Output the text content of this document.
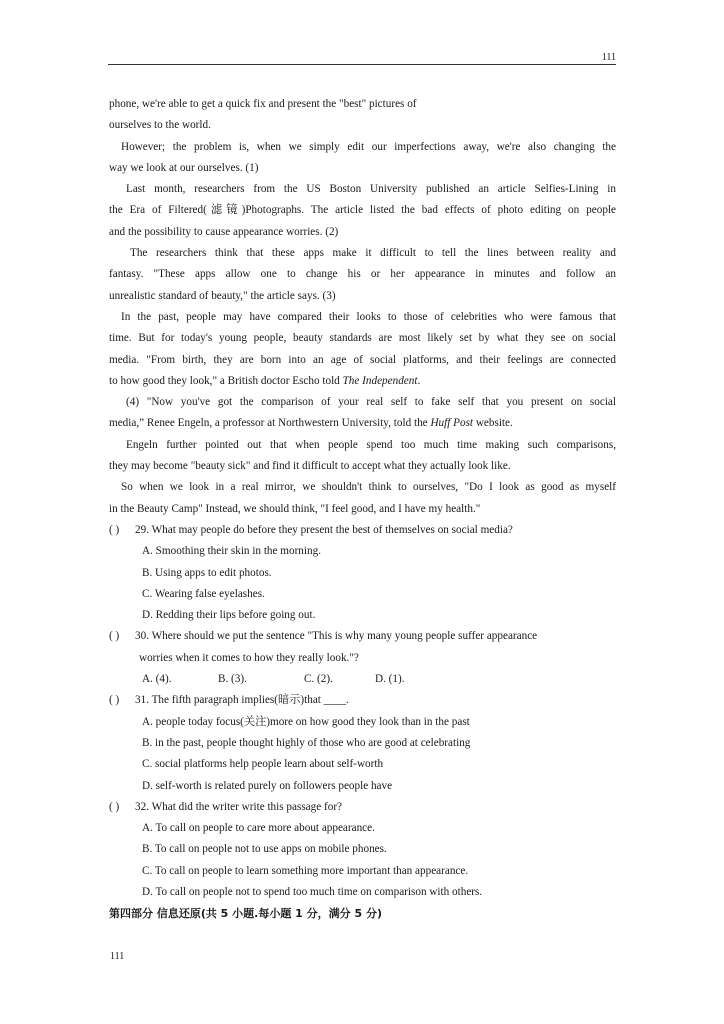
111
phone, we're able to get a quick fix and present the "best" pictures of
ourselves to the world.
However; the problem is, when we simply edit our imperfections away, we're also changing the
way we look at our ourselves. (1)
Last month, researchers from the US Boston University published an article Selfies-Lining in
the Era of Filtered(滤镜)Photographs. The article listed the bad effects of photo editing on people
and the possibility to cause appearance worries. (2)
The researchers think that these apps make it difficult to tell the lines between reality and
fantasy. "These apps allow one to change his or her appearance in minutes and follow an
unrealistic standard of beauty," the article says. (3)
In the past, people may have compared their looks to those of celebrities who were famous that
time. But for today's young people, beauty standards are most likely set by what they see on social
media. "From birth, they are born into an age of social platforms, and their feelings are connected
to how good they look," a British doctor Escho told The Independent.
(4) "Now you've got the comparison of your real self to fake self that you present on social
media,” Renee Engeln, a professor at Northwestern University, told the Huff Post website.
Engeln further pointed out that when people spend too much time making such comparisons,
they may become "beauty sick" and find it difficult to accept what they actually look like.
So when we look in a real mirror, we shouldn't think to ourselves, "Do I look as good as myself
in the Beauty Camp" Instead, we should think, "I feel good, and I have my health."
( ) 29. What may people do before they present the best of themselves on social media?
A. Smoothing their skin in the morning.
B. Using apps to edit photos.
C. Wearing false eyelashes.
D. Redding their lips before going out.
( ) 30. Where should we put the sentence "This is why many young people suffer appearance
worries when it comes to how they really look."?
A. (4).	B. (3).	C. (2).	D. (1).
( ) 31. The fifth paragraph implies(暗示)that ____.
A. people today focus(关注)more on how good they look than in the past
B. in the past, people thought highly of those who are good at celebrating
C. social platforms help people learn about self-worth
D. self-worth is related purely on followers people have
( ) 32. What did the writer write this passage for?
A. To call on people to care more about appearance.
B. To call on people not to use apps on mobile phones.
C. To call on people to learn something more important than appearance.
D. To call on people not to spend too much time on comparison with others.
第四部分 信息还原(共 5 小题.每小题 1 分，满分 5 分)
111
